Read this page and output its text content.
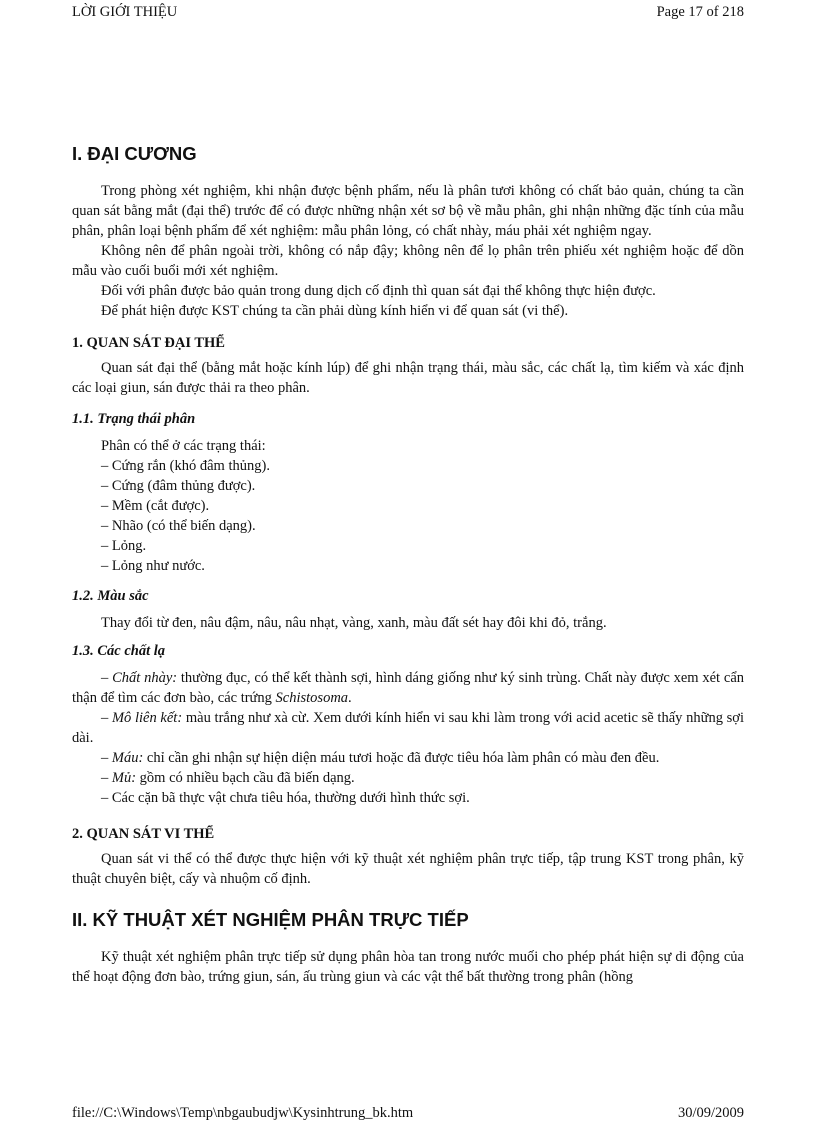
LỜI GIỚI THIỆU	Page 17 of 218
I. ĐẠI CƯƠNG

Trong phòng xét nghiệm, khi nhận được bệnh phẩm, nếu là phân tươi không có chất bảo quản, chúng ta cần quan sát bằng mắt (đại thể) trước để có được những nhận xét sơ bộ về mẫu phân, ghi nhận những đặc tính của mẫu phân, phân loại bệnh phẩm để xét nghiệm: mẫu phân lỏng, có chất nhày, máu phải xét nghiệm ngay.

Không nên để phân ngoài trời, không có nắp đậy; không nên để lọ phân trên phiếu xét nghiệm hoặc để dồn mẫu vào cuối buổi mới xét nghiệm.

Đối với phân được bảo quản trong dung dịch cố định thì quan sát đại thể không thực hiện được.

Để phát hiện được KST chúng ta cần phải dùng kính hiển vi để quan sát (vi thể).

1. QUAN SÁT ĐẠI THỂ

Quan sát đại thể (bằng mắt hoặc kính lúp) để ghi nhận trạng thái, màu sắc, các chất lạ, tìm kiếm và xác định các loại giun, sán được thải ra theo phân.

1.1. Trạng thái phân
Phân có thể ở các trạng thái:
– Cứng rắn (khó đâm thủng).
– Cứng (đâm thủng được).
– Mềm (cắt được).
– Nhão (có thể biến dạng).
– Lỏng.
– Lỏng như nước.
1.2. Màu sắc

Thay đổi từ đen, nâu đậm, nâu, nâu nhạt, vàng, xanh, màu đất sét hay đôi khi đỏ, trắng.

1.3. Các chất lạ

– Chất nhày: thường đục, có thể kết thành sợi, hình dáng giống như ký sinh trùng. Chất này được xem xét cẩn thận để tìm các đơn bào, các trứng Schistosoma.

– Mô liên kết: màu trắng như xà cừ. Xem dưới kính hiển vi sau khi làm trong với acid acetic sẽ thấy những sợi dài.

– Máu: chỉ cần ghi nhận sự hiện diện máu tươi hoặc đã được tiêu hóa làm phân có màu đen đều.

– Mủ: gồm có nhiều bạch cầu đã biến dạng.

– Các cặn bã thực vật chưa tiêu hóa, thường dưới hình thức sợi.

2. QUAN SÁT VI THỂ

Quan sát vi thể có thể được thực hiện với kỹ thuật xét nghiệm phân trực tiếp, tập trung KST trong phân, kỹ thuật chuyên biệt, cấy và nhuộm cố định.

II. KỸ THUẬT XÉT NGHIỆM PHÂN TRỰC TIẾP

Kỹ thuật xét nghiệm phân trực tiếp sử dụng phân hòa tan trong nước muối cho phép phát hiện sự di động của thể hoạt động đơn bào, trứng giun, sán, ấu trùng giun và các vật thể bất thường trong phân (hồng

file://C:\Windows\Temp\nbgaubudjw\Kysinhtrung_bk.htm	30/09/2009
